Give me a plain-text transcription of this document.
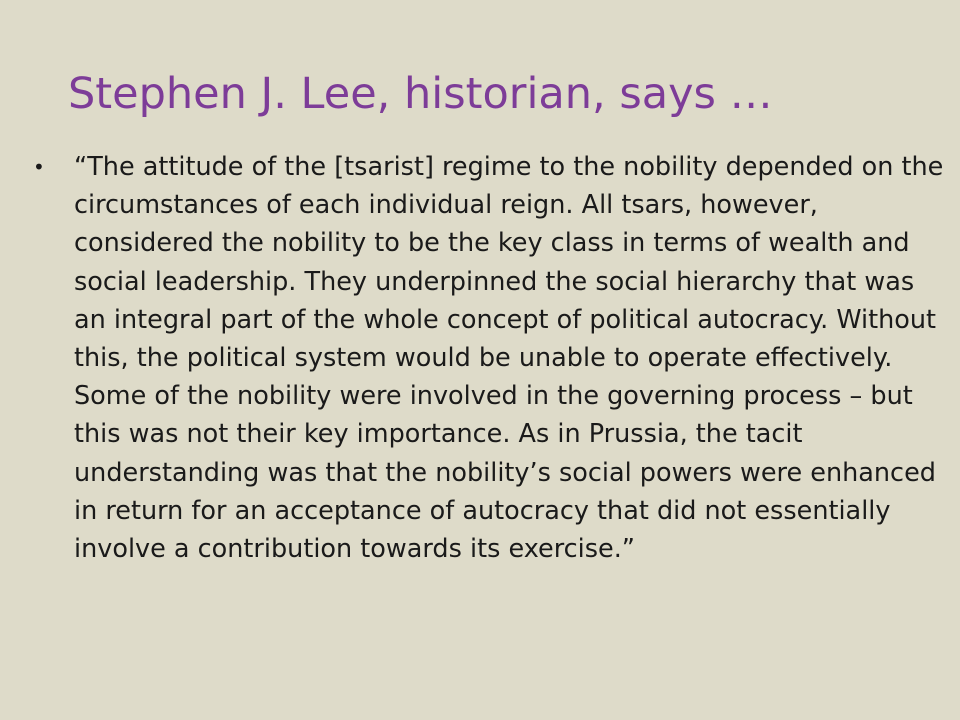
Stephen J. Lee, historian, says …
• “The attitude of the [tsarist] regime to the nobility depended on the circumstances of each individual reign. All tsars, however, considered the nobility to be the key class in terms of wealth and social leadership. They underpinned the social hierarchy that was an integral part of the whole concept of political autocracy. Without this, the political system would be unable to operate effectively. Some of the nobility were involved in the governing process – but this was not their key importance. As in Prussia, the tacit understanding was that the nobility’s social powers were enhanced in return for an acceptance of autocracy that did not essentially involve a contribution towards its exercise.”
